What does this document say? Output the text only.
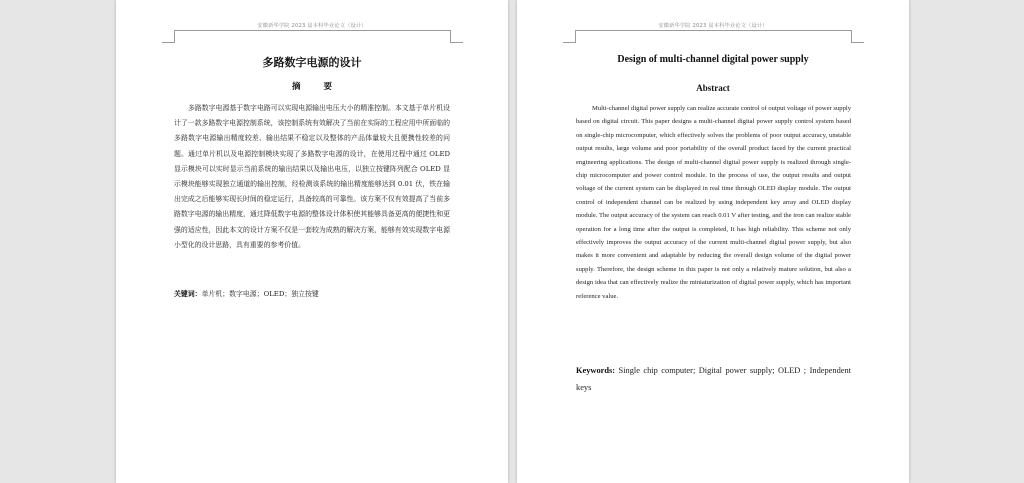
安徽新华学院 2023 届本科毕业论文（设计）
多路数字电源的设计
摘 要

多路数字电源基于数字电路可以实现电源输出电压大小的精准控制。本文基于单片机设计了一款多路数字电源控制系统，该控制系统有效解决了当前在实际的工程应用中所面临的多路数字电源输出精度较差、输出结果不稳定以及整体的产品体量较大且便携性较差的问题。通过单片机以及电源控制模块实现了多路数字电源的设计，在使用过程中通过 OLED 显示模块可以实时显示当前系统的输出结果以及输出电压，以独立按键阵列配合 OLED 显示模块能够实现独立通道的输出控制，经检测该系统的输出精度能够达到 0.01 伏，铁在输出完成之后能够实现长时间的稳定运行，具备较高的可靠性。该方案不仅有效提高了当前多路数字电源的输出精度，通过降低数字电源的整体设计体积使其能够具备更高的便捷性和更强的适应性，因此本文的设计方案不仅是一套较为成熟的解决方案，能够有效实现数字电源小型化的设计思路，具有重要的参考价值。

关键词：单片机；数字电源；OLED；独立按键

安徽新华学院 2023 届本科毕业论文（设计）
Design of multi-channel digital power supply
Abstract

Multi-channel digital power supply can realize accurate control of output voltage of power supply based on digital circuit. This paper designs a multi-channel digital power supply control system based on single-chip microcomputer, which effectively solves the problems of poor output accuracy, unstable output results, large volume and poor portability of the overall product faced by the current practical engineering applications. The design of multi-channel digital power supply is realized through single-chip microcomputer and power control module. In the process of use, the output results and output voltage of the current system can be displayed in real time through OLED display module. The output control of independent channel can be realized by using independent key array and OLED display module. The output accuracy of the system can reach 0.01 V after testing, and the iron can realize stable operation for a long time after the output is completed, It has high reliability. This scheme not only effectively improves the output accuracy of the current multi-channel digital power supply, but also makes it more convenient and adaptable by reducing the overall design volume of the digital power supply. Therefore, the design scheme in this paper is not only a relatively mature solution, but also a design idea that can effectively realize the miniaturization of digital power supply, which has important reference value.

Keywords: Single chip computer; Digital power supply; OLED ; Independent keys
